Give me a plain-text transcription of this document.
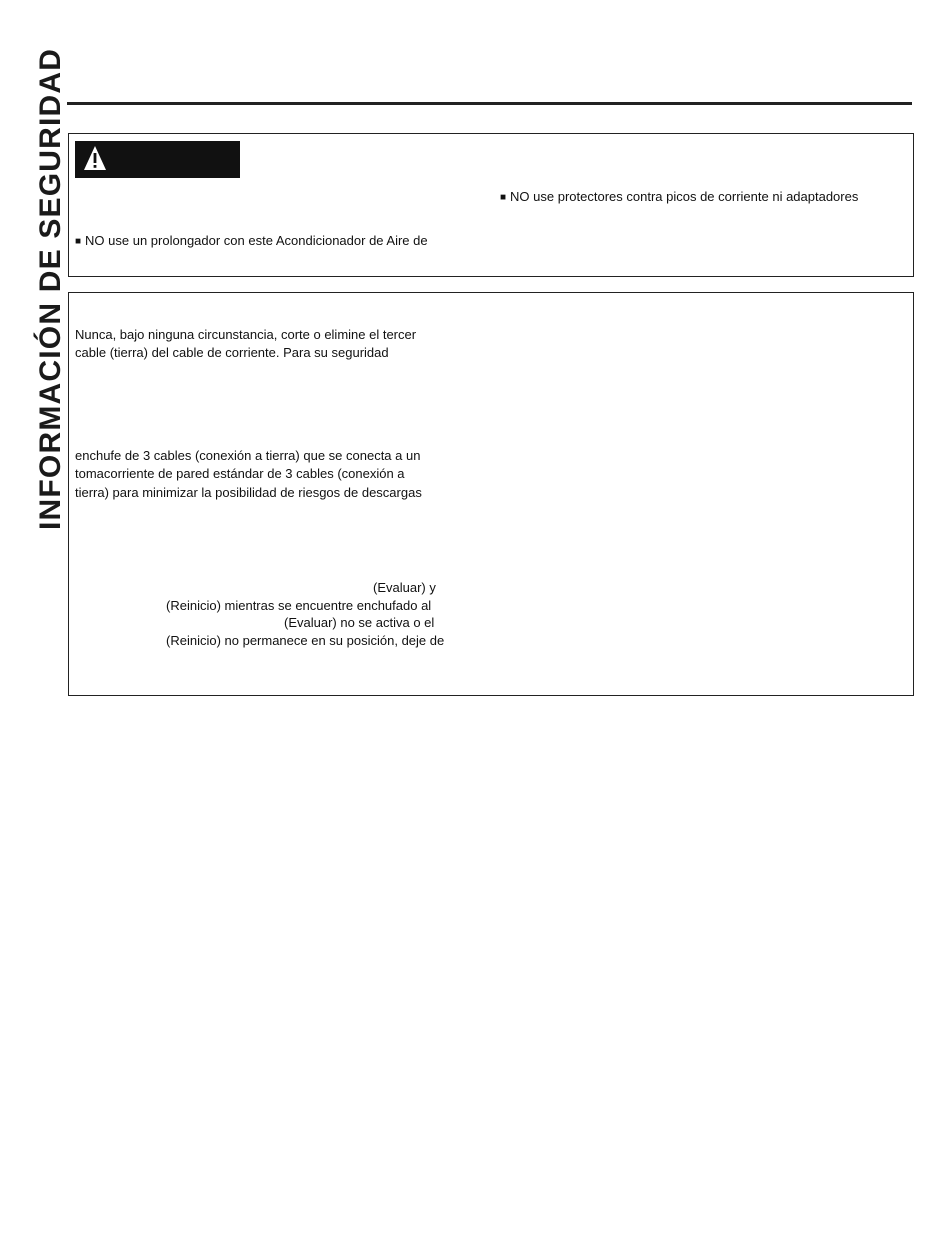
INFORMACIÓN DE SEGURIDAD	■ NO use protectores contra picos de corriente ni adaptadores
■ NO use un prolongador con este Acondicionador de Aire de
Nunca, bajo ninguna circunstancia, corte o elimine el tercer
cable (tierra) del cable de corriente. Para su seguridad
enchufe de 3 cables (conexión a tierra) que se conecta a un
tomacorriente de pared estándar de 3 cables (conexión a
tierra) para minimizar la posibilidad de riesgos de descargas
(Evaluar) y
(Reinicio) mientras se encuentre enchufado al
(Evaluar) no se activa o el
(Reinicio) no permanece en su posición, deje de
